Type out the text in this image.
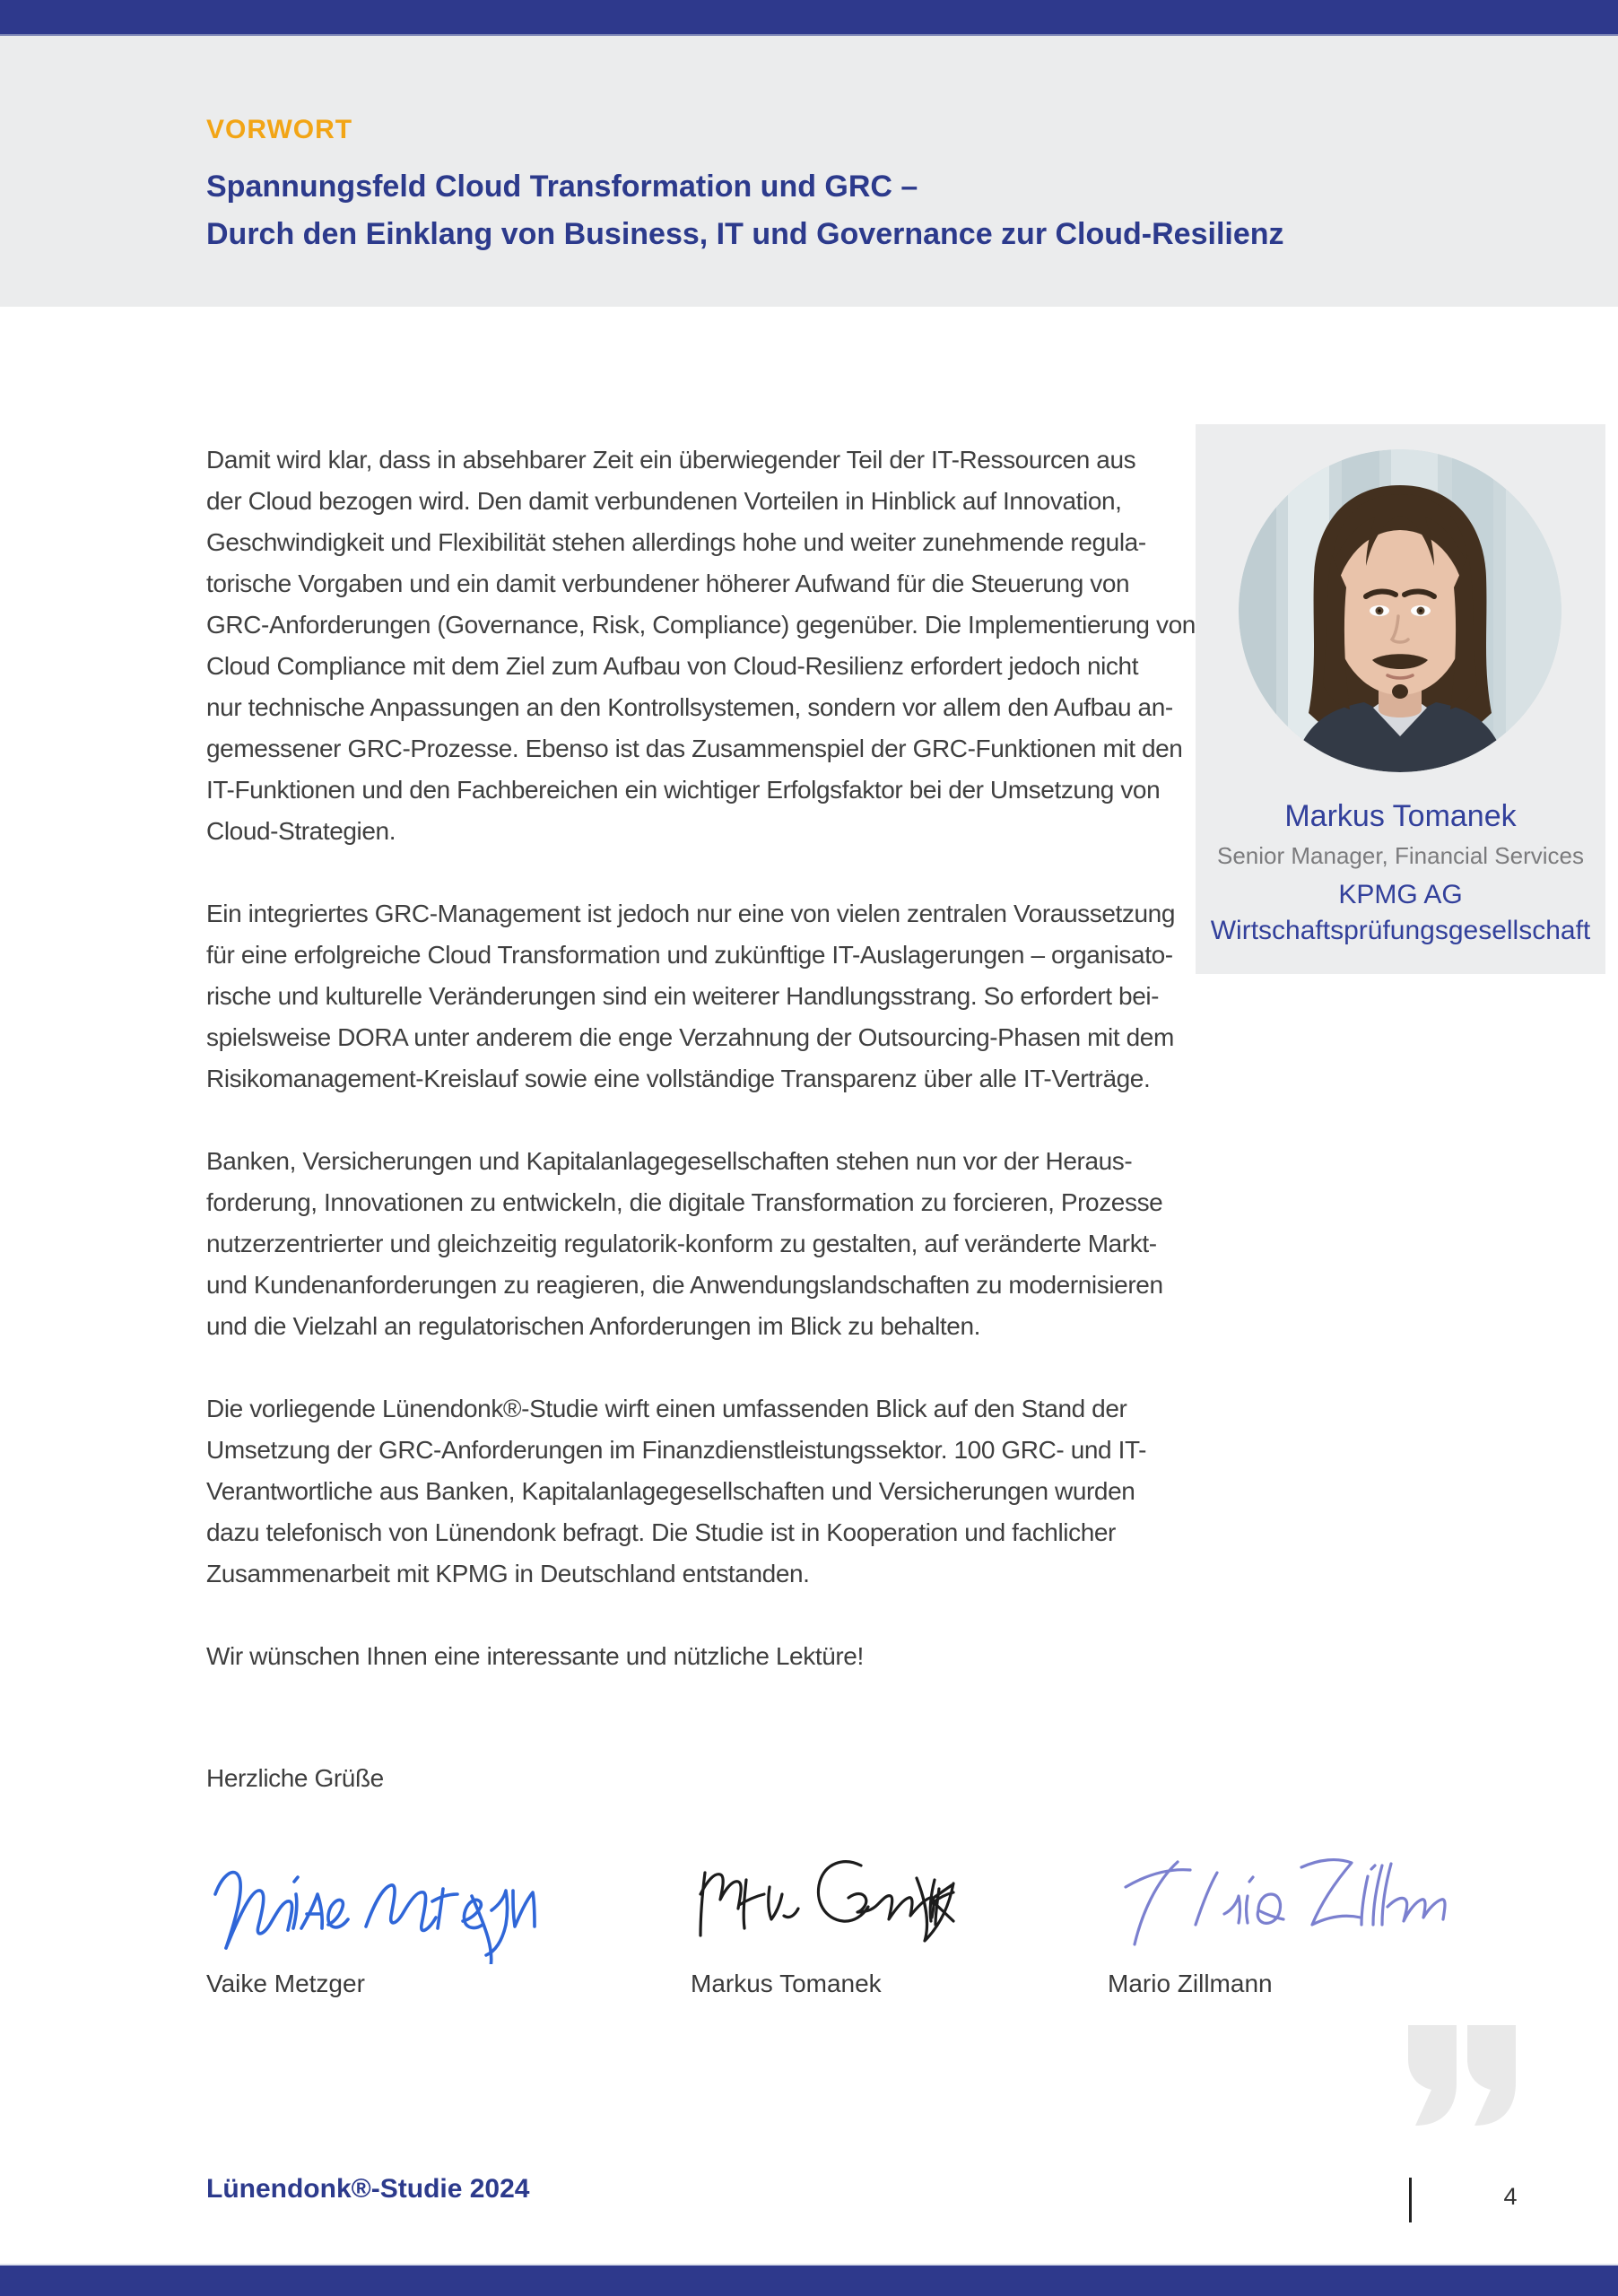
VORWORT
Spannungsfeld Cloud Transformation und GRC –
Durch den Einklang von Business, IT und Governance zur Cloud-Resilienz

Damit wird klar, dass in absehbarer Zeit ein überwiegender Teil der IT-Ressourcen aus
der Cloud bezogen wird. Den damit verbundenen Vorteilen in Hinblick auf Innovation,
Geschwindigkeit und Flexibilität stehen allerdings hohe und weiter zunehmende regula-
torische Vorgaben und ein damit verbundener höherer Aufwand für die Steuerung von
GRC-Anforderungen (Governance, Risk, Compliance) gegenüber. Die Implementierung von
Cloud Compliance mit dem Ziel zum Aufbau von Cloud-Resilienz erfordert jedoch nicht
nur technische Anpassungen an den Kontrollsystemen, sondern vor allem den Aufbau an-
gemessener GRC-Prozesse. Ebenso ist das Zusammenspiel der GRC-Funktionen mit den
IT-Funktionen und den Fachbereichen ein wichtiger Erfolgsfaktor bei der Umsetzung von
Cloud-Strategien.

Ein integriertes GRC-Management ist jedoch nur eine von vielen zentralen Voraussetzung
für eine erfolgreiche Cloud Transformation und zukünftige IT-Auslagerungen – organisato-
rische und kulturelle Veränderungen sind ein weiterer Handlungsstrang. So erfordert bei-
spielsweise DORA unter anderem die enge Verzahnung der Outsourcing-Phasen mit dem
Risikomanagement-Kreislauf sowie eine vollständige Transparenz über alle IT-Verträge.

Banken, Versicherungen und Kapitalanlagegesellschaften stehen nun vor der Heraus-
forderung, Innovationen zu entwickeln, die digitale Transformation zu forcieren, Prozesse
nutzerzentrierter und gleichzeitig regulatorik-konform zu gestalten, auf veränderte Markt-
und Kundenanforderungen zu reagieren, die Anwendungslandschaften zu modernisieren
und die Vielzahl an regulatorischen Anforderungen im Blick zu behalten.

Die vorliegende Lünendonk®-Studie wirft einen umfassenden Blick auf den Stand der
Umsetzung der GRC-Anforderungen im Finanzdienstleistungssektor. 100 GRC- und IT-
Verantwortliche aus Banken, Kapitalanlagegesellschaften und Versicherungen wurden
dazu telefonisch von Lünendonk befragt. Die Studie ist in Kooperation und fachlicher
Zusammenarbeit mit KPMG in Deutschland entstanden.

Wir wünschen Ihnen eine interessante und nützliche Lektüre!

Herzliche Grüße

Markus Tomanek
Senior Manager, Financial Services
KPMG AG
Wirtschaftsprüfungsgesellschaft
Vaike Metzger	Markus Tomanek	Mario Zillmann
Lünendonk®-Studie 2024	4
